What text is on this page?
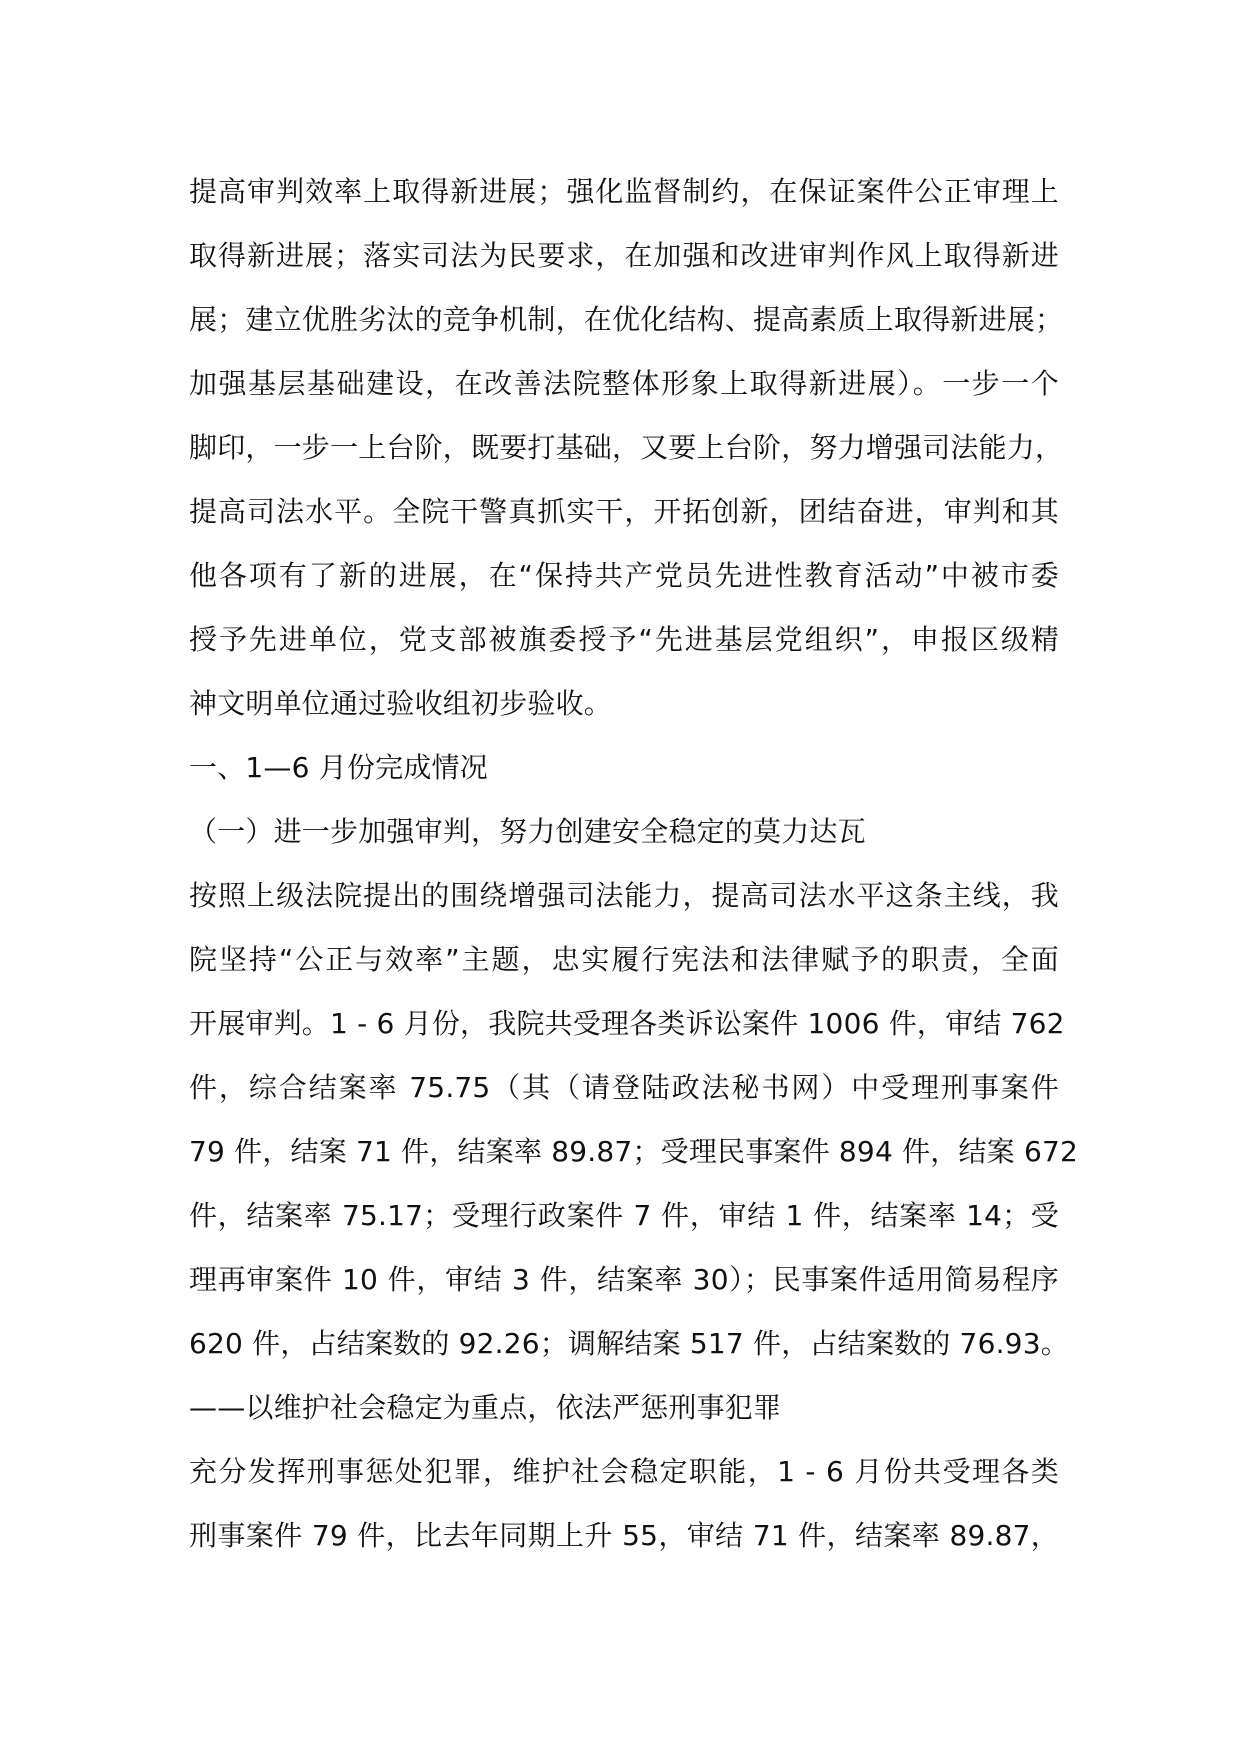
提高审判效率上取得新进展；强化监督制约，在保证案件公正审理上
取得新进展；落实司法为民要求，在加强和改进审判作风上取得新进
展；建立优胜劣汰的竞争机制，在优化结构、提高素质上取得新进展；
加强基层基础建设，在改善法院整体形象上取得新进展）。一步一个
脚印，一步一上台阶，既要打基础，又要上台阶，努力增强司法能力，
提高司法水平。全院干警真抓实干，开拓创新，团结奋进，审判和其
他各项有了新的进展，在“保持共产党员先进性教育活动”中被市委
授予先进单位，党支部被旗委授予“先进基层党组织”，申报区级精
神文明单位通过验收组初步验收。
一、1—6 月份完成情况
（一）进一步加强审判，努力创建安全稳定的莫力达瓦
按照上级法院提出的围绕增强司法能力，提高司法水平这条主线，我
院坚持“公正与效率”主题，忠实履行宪法和法律赋予的职责，全面
开展审判。1 - 6 月份，我院共受理各类诉讼案件 1006 件，审结 762
件，综合结案率 75.75（其（请登陆政法秘书网）中受理刑事案件
79 件，结案 71 件，结案率 89.87；受理民事案件 894 件，结案 672
件，结案率 75.17；受理行政案件 7 件，审结 1 件，结案率 14；受
理再审案件 10 件，审结 3 件，结案率 30）；民事案件适用简易程序
620 件，占结案数的 92.26；调解结案 517 件，占结案数的 76.93。
——以维护社会稳定为重点，依法严惩刑事犯罪
充分发挥刑事惩处犯罪，维护社会稳定职能，1 - 6 月份共受理各类
刑事案件 79 件，比去年同期上升 55，审结 71 件，结案率 89.87，
